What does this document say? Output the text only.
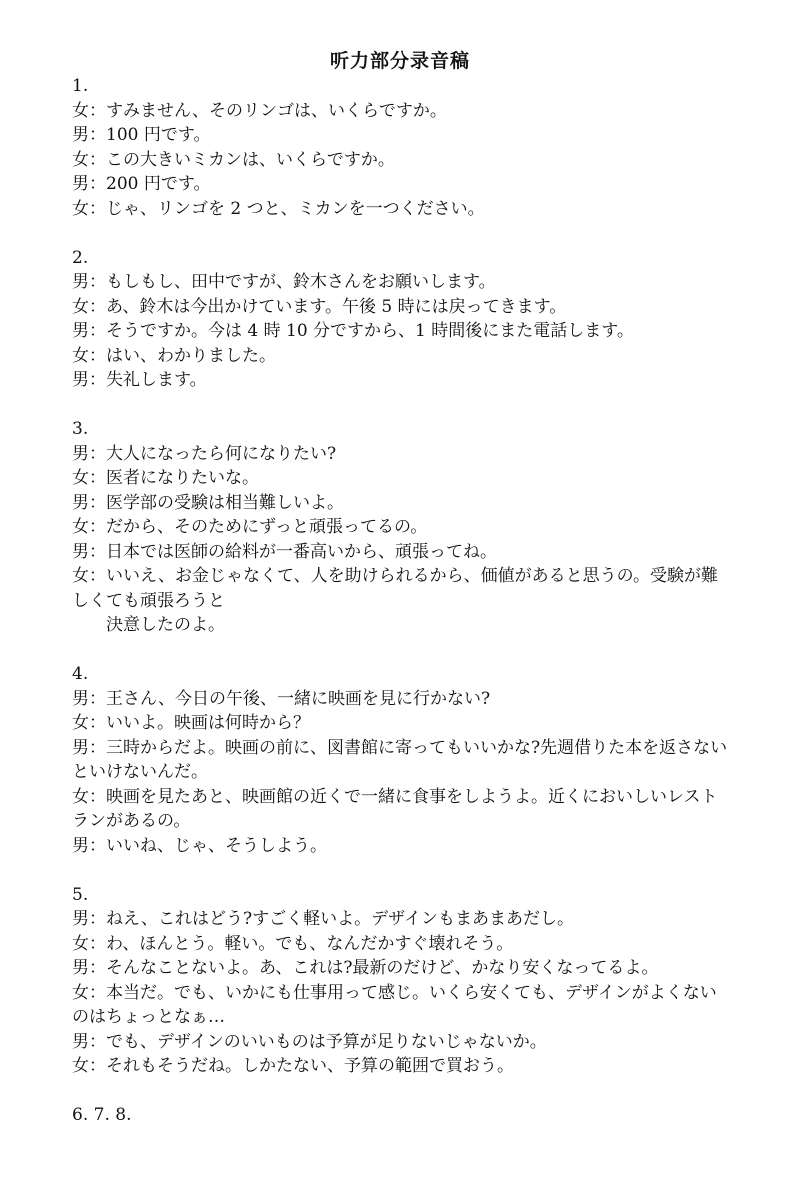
听力部分录音稿
1.
女：すみません、そのリンゴは、いくらですか。
男：100 円です。
女：この大きいミカンは、いくらですか。
男：200 円です。
女：じゃ、リンゴを 2 つと、ミカンを一つください。
2.
男：もしもし、田中ですが、鈴木さんをお願いします。
女：あ、鈴木は今出かけています。午後 5 時には戻ってきます。
男：そうですか。今は 4 時 10 分ですから、1 時間後にまた電話します。
女：はい、わかりました。
男：失礼します。
3.
男：大人になったら何になりたい?
女：医者になりたいな。
男：医学部の受験は相当難しいよ。
女：だから、そのためにずっと頑張ってるの。
男：日本では医師の給料が一番高いから、頑張ってね。
女：いいえ、お金じゃなくて、人を助けられるから、価値があると思うの。受験が難しくても頑張ろうと
決意したのよ。
4.
男：王さん、今日の午後、一緒に映画を見に行かない?
女：いいよ。映画は何時から？
男：三時からだよ。映画の前に、図書館に寄ってもいいかな?先週借りた本を返さないといけないんだ。
女：映画を見たあと、映画館の近くで一緒に食事をしようよ。近くにおいしいレストランがあるの。
男：いいね、じゃ、そうしよう。
5.
男：ねえ、これはどう?すごく軽いよ。デザインもまあまあだし。
女：わ、ほんとう。軽い。でも、なんだかすぐ壊れそう。
男：そんなことないよ。あ、これは?最新のだけど、かなり安くなってるよ。
女：本当だ。でも、いかにも仕事用って感じ。いくら安くても、デザインがよくないのはちょっとなぁ…
男：でも、デザインのいいものは予算が足りないじゃないか。
女：それもそうだね。しかたない、予算の範囲で買おう。
6. 7. 8.
